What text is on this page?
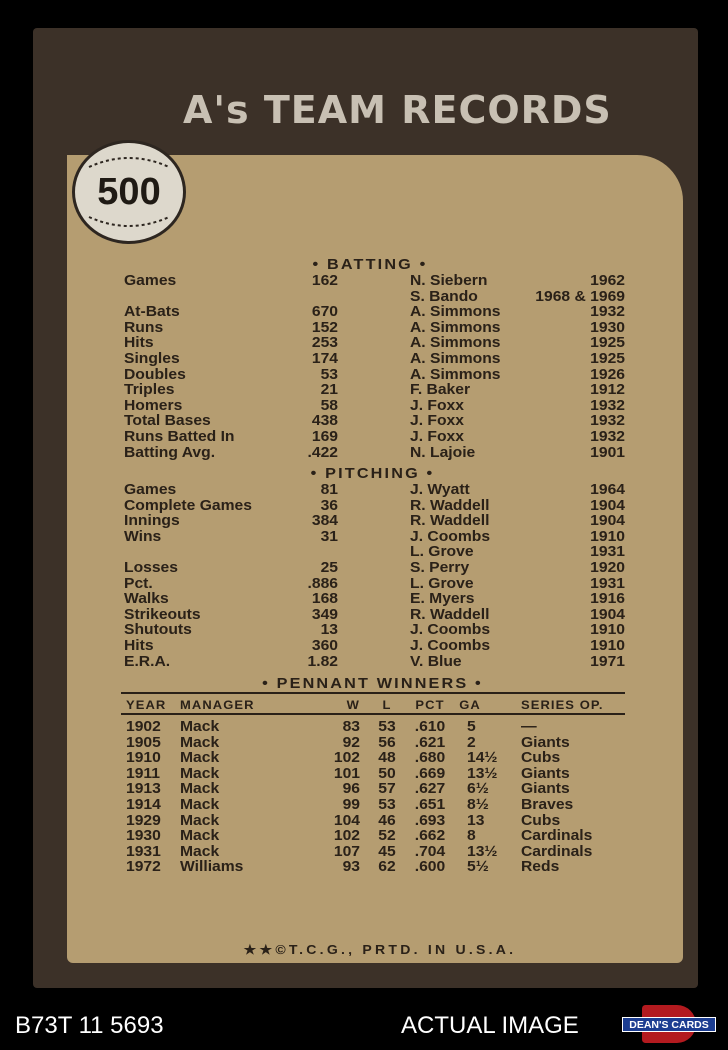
A's TEAM RECORDS
500
• BATTING •
Games	162	N. Siebern	1962
S. Bando	1968 & 1969
At-Bats	670	A. Simmons	1932
Runs	152	A. Simmons	1930
Hits	253	A. Simmons	1925
Singles	174	A. Simmons	1925
Doubles	53	A. Simmons	1926
Triples	21	F. Baker	1912
Homers	58	J. Foxx	1932
Total Bases	438	J. Foxx	1932
Runs Batted In	169	J. Foxx	1932
Batting Avg.	.422	N. Lajoie	1901
• PITCHING •
Games	81	J. Wyatt	1964
Complete Games	36	R. Waddell	1904
Innings	384	R. Waddell	1904
Wins	31	J. Coombs	1910
L. Grove	1931
Losses	25	S. Perry	1920
Pct.	.886	L. Grove	1931
Walks	168	E. Myers	1916
Strikeouts	349	R. Waddell	1904
Shutouts	13	J. Coombs	1910
Hits	360	J. Coombs	1910
E.R.A.	1.82	V. Blue	1971
• PENNANT WINNERS •
YEAR MANAGER	W	L	PCT	GA	SERIES OP.
1902 Mack	83	53	.610	5	—
1905 Mack	92	56	.621	2	Giants
1910 Mack	102	48	.680	14½ Cubs
1911 Mack	101	50	.669	13½ Giants
1913 Mack	96	57	.627	6½ Giants
1914 Mack	99	53	.651	8½ Braves
1929 Mack	104	46	.693	13	Cubs
1930 Mack	102	52	.662	8	Cardinals
1931 Mack	107	45	.704	13½ Cardinals
1972 Williams	93	62	.600	5½ Reds
★★©T.C.G., PRTD. IN U.S.A.
B73T 11 5693	ACTUAL IMAGE	DEAN'S CARDS
